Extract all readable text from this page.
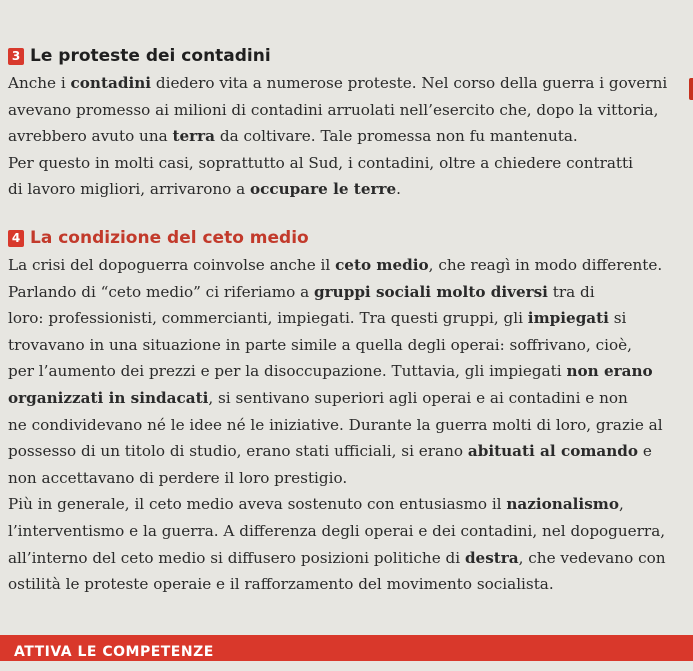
3 Le proteste dei contadini
Anche i contadini diedero vita a numerose proteste. Nel corso della guerra i governi
avevano promesso ai milioni di contadini arruolati nell’esercito che, dopo la vittoria,
avrebbero avuto una terra da coltivare. Tale promessa non fu mantenuta.
Per questo in molti casi, soprattutto al Sud, i contadini, oltre a chiedere contratti
di lavoro migliori, arrivarono a occupare le terre.
4 La condizione del ceto medio
La crisi del dopoguerra coinvolse anche il ceto medio, che reagì in modo differente.
Parlando di “ceto medio” ci riferiamo a gruppi sociali molto diversi tra di
loro: professionisti, commercianti, impiegati. Tra questi gruppi, gli impiegati si
trovavano in una situazione in parte simile a quella degli operai: soffrivano, cioè,
per l’aumento dei prezzi e per la disoccupazione. Tuttavia, gli impiegati non erano
organizzati in sindacati, si sentivano superiori agli operai e ai contadini e non
ne condividevano né le idee né le iniziative. Durante la guerra molti di loro, grazie al
possesso di un titolo di studio, erano stati ufficiali, si erano abituati al comando e
non accettavano di perdere il loro prestigio.
Più in generale, il ceto medio aveva sostenuto con entusiasmo il nazionalismo,
l’interventismo e la guerra. A differenza degli operai e dei contadini, nel dopoguerra,
all’interno del ceto medio si diffusero posizioni politiche di destra, che vedevano con
ostilità le proteste operaie e il rafforzamento del movimento socialista.
ATTIVA LE COMPETENZE
